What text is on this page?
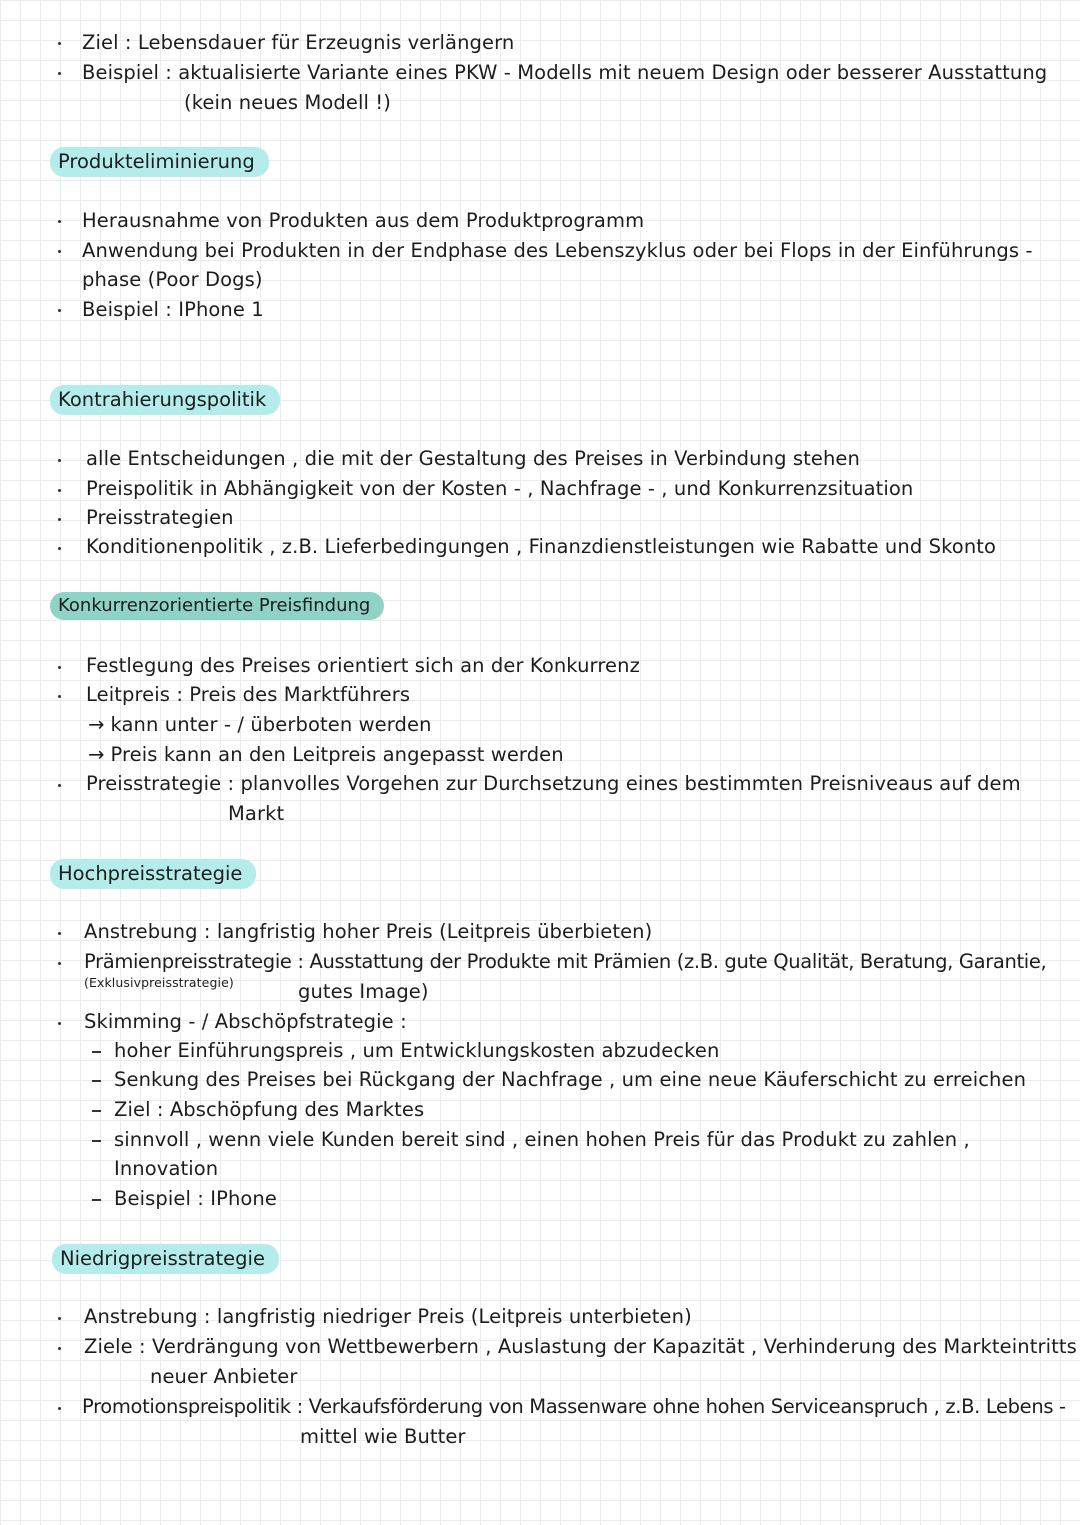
Ziel : Lebensdauer für Erzeugnis verlängern
Beispiel : aktualisierte Variante eines PKW - Modells mit neuem Design oder besserer Ausstattung
(kein neues Modell !)
Produkteliminierung
Herausnahme von Produkten aus dem Produktprogramm
Anwendung bei Produkten in der Endphase des Lebenszyklus oder bei Flops in der Einführungs -
phase (Poor Dogs)
Beispiel : IPhone 1
Kontrahierungspolitik
alle Entscheidungen , die mit der Gestaltung des Preises in Verbindung stehen
Preispolitik in Abhängigkeit von der Kosten - , Nachfrage - , und Konkurrenzsituation
Preisstrategien
Konditionenpolitik , z.B. Lieferbedingungen , Finanzdienstleistungen wie Rabatte und Skonto
Konkurrenzorientierte Preisfindung
Festlegung des Preises orientiert sich an der Konkurrenz
Leitpreis : Preis des Marktführers
→ kann unter - / überboten werden
→ Preis kann an den Leitpreis angepasst werden
Preisstrategie : planvolles Vorgehen zur Durchsetzung eines bestimmten Preisniveaus auf dem
Markt
Hochpreisstrategie
Anstrebung : langfristig hoher Preis (Leitpreis überbieten)
Prämienpreisstrategie : Ausstattung der Produkte mit Prämien (z.B. gute Qualität, Beratung, Garantie,
(Exklusivpreisstrategie)	gutes Image)
Skimming - / Abschöpfstrategie :
hoher Einführungspreis , um Entwicklungskosten abzudecken
Senkung des Preises bei Rückgang der Nachfrage , um eine neue Käuferschicht zu erreichen
Ziel : Abschöpfung des Marktes
sinnvoll , wenn viele Kunden bereit sind , einen hohen Preis für das Produkt zu zahlen ,
Innovation
Beispiel : IPhone
Niedrigpreisstrategie
Anstrebung : langfristig niedriger Preis (Leitpreis unterbieten)
Ziele : Verdrängung von Wettbewerbern , Auslastung der Kapazität , Verhinderung des Markteintritts
neuer Anbieter
Promotionspreispolitik : Verkaufsförderung von Massenware ohne hohen Serviceanspruch , z.B. Lebens -
mittel wie Butter
